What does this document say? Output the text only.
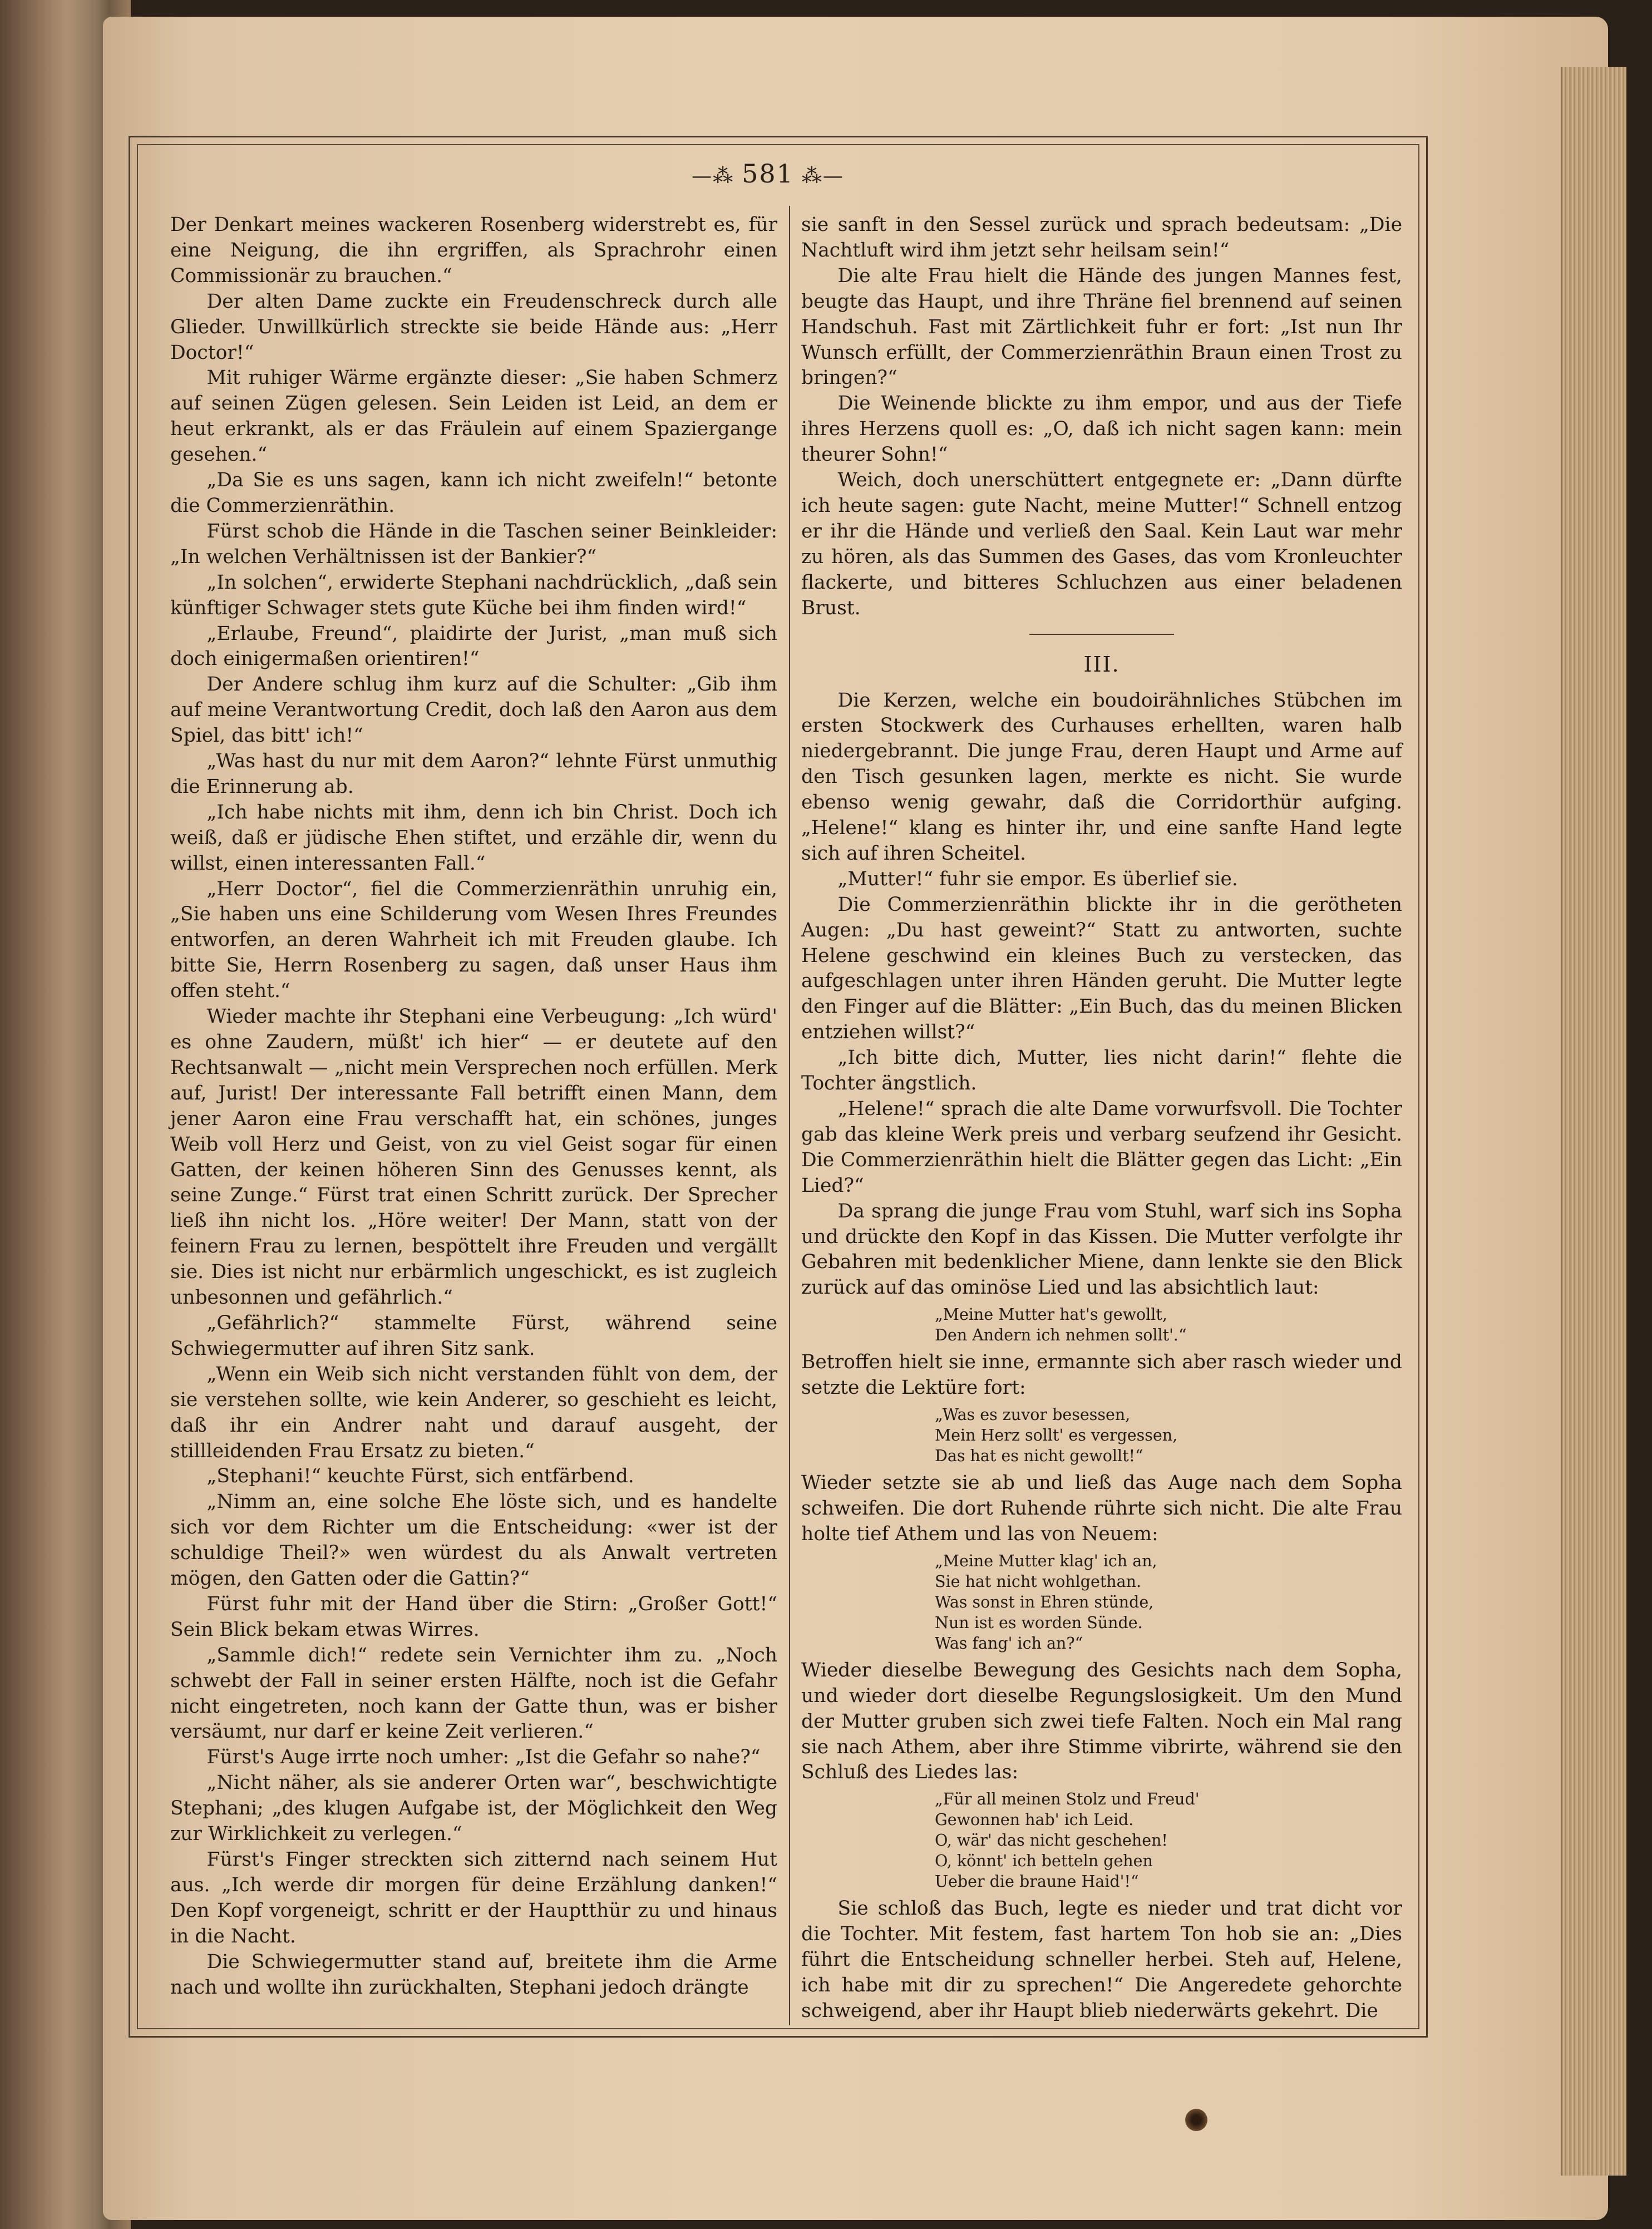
—⁂ 581 ⁂—

Der Denkart meines wackeren Rosenberg widerstrebt es, für eine Neigung, die ihn ergriffen, als Sprachrohr einen Commissionär zu brauchen.“

Der alten Dame zuckte ein Freudenschreck durch alle Glieder. Unwillkürlich streckte sie beide Hände aus: „Herr Doctor!“

Mit ruhiger Wärme ergänzte dieser: „Sie haben Schmerz auf seinen Zügen gelesen. Sein Leiden ist Leid, an dem er heut erkrankt, als er das Fräulein auf einem Spaziergange gesehen.“

„Da Sie es uns sagen, kann ich nicht zweifeln!“ betonte die Commerzienräthin.

Fürst schob die Hände in die Taschen seiner Beinkleider: „In welchen Verhältnissen ist der Bankier?“

„In solchen“, erwiderte Stephani nachdrücklich, „daß sein künftiger Schwager stets gute Küche bei ihm finden wird!“

„Erlaube, Freund“, plaidirte der Jurist, „man muß sich doch einigermaßen orientiren!“

Der Andere schlug ihm kurz auf die Schulter: „Gib ihm auf meine Verantwortung Credit, doch laß den Aaron aus dem Spiel, das bitt' ich!“

„Was hast du nur mit dem Aaron?“ lehnte Fürst unmuthig die Erinnerung ab.

„Ich habe nichts mit ihm, denn ich bin Christ. Doch ich weiß, daß er jüdische Ehen stiftet, und erzähle dir, wenn du willst, einen interessanten Fall.“

„Herr Doctor“, fiel die Commerzienräthin unruhig ein, „Sie haben uns eine Schilderung vom Wesen Ihres Freundes entworfen, an deren Wahrheit ich mit Freuden glaube. Ich bitte Sie, Herrn Rosenberg zu sagen, daß unser Haus ihm offen steht.“

Wieder machte ihr Stephani eine Verbeugung: „Ich würd' es ohne Zaudern, müßt' ich hier“ — er deutete auf den Rechtsanwalt — „nicht mein Versprechen noch erfüllen. Merk auf, Jurist! Der interessante Fall betrifft einen Mann, dem jener Aaron eine Frau verschafft hat, ein schönes, junges Weib voll Herz und Geist, von zu viel Geist sogar für einen Gatten, der keinen höheren Sinn des Genusses kennt, als seine Zunge.“ Fürst trat einen Schritt zurück. Der Sprecher ließ ihn nicht los. „Höre weiter! Der Mann, statt von der feinern Frau zu lernen, bespöttelt ihre Freuden und vergällt sie. Dies ist nicht nur erbärmlich ungeschickt, es ist zugleich unbesonnen und gefährlich.“

„Gefährlich?“ stammelte Fürst, während seine Schwiegermutter auf ihren Sitz sank.

„Wenn ein Weib sich nicht verstanden fühlt von dem, der sie verstehen sollte, wie kein Anderer, so geschieht es leicht, daß ihr ein Andrer naht und darauf ausgeht, der stillleidenden Frau Ersatz zu bieten.“

„Stephani!“ keuchte Fürst, sich entfärbend.

„Nimm an, eine solche Ehe löste sich, und es handelte sich vor dem Richter um die Entscheidung: «wer ist der schuldige Theil?» wen würdest du als Anwalt vertreten mögen, den Gatten oder die Gattin?“

Fürst fuhr mit der Hand über die Stirn: „Großer Gott!“ Sein Blick bekam etwas Wirres.

„Sammle dich!“ redete sein Vernichter ihm zu. „Noch schwebt der Fall in seiner ersten Hälfte, noch ist die Gefahr nicht eingetreten, noch kann der Gatte thun, was er bisher versäumt, nur darf er keine Zeit verlieren.“

Fürst's Auge irrte noch umher: „Ist die Gefahr so nahe?“

„Nicht näher, als sie anderer Orten war“, beschwichtigte Stephani; „des klugen Aufgabe ist, der Möglichkeit den Weg zur Wirklichkeit zu verlegen.“

Fürst's Finger streckten sich zitternd nach seinem Hut aus. „Ich werde dir morgen für deine Erzählung danken!“ Den Kopf vorgeneigt, schritt er der Hauptthür zu und hinaus in die Nacht.

Die Schwiegermutter stand auf, breitete ihm die Arme nach und wollte ihn zurückhalten, Stephani jedoch drängte

sie sanft in den Sessel zurück und sprach bedeutsam: „Die Nachtluft wird ihm jetzt sehr heilsam sein!“

Die alte Frau hielt die Hände des jungen Mannes fest, beugte das Haupt, und ihre Thräne fiel brennend auf seinen Handschuh. Fast mit Zärtlichkeit fuhr er fort: „Ist nun Ihr Wunsch erfüllt, der Commerzienräthin Braun einen Trost zu bringen?“

Die Weinende blickte zu ihm empor, und aus der Tiefe ihres Herzens quoll es: „O, daß ich nicht sagen kann: mein theurer Sohn!“

Weich, doch unerschüttert entgegnete er: „Dann dürfte ich heute sagen: gute Nacht, meine Mutter!“ Schnell entzog er ihr die Hände und verließ den Saal. Kein Laut war mehr zu hören, als das Summen des Gases, das vom Kronleuchter flackerte, und bitteres Schluchzen aus einer beladenen Brust.

III.

Die Kerzen, welche ein boudoirähnliches Stübchen im ersten Stockwerk des Curhauses erhellten, waren halb niedergebrannt. Die junge Frau, deren Haupt und Arme auf den Tisch gesunken lagen, merkte es nicht. Sie wurde ebenso wenig gewahr, daß die Corridorthür aufging. „Helene!“ klang es hinter ihr, und eine sanfte Hand legte sich auf ihren Scheitel.

„Mutter!“ fuhr sie empor. Es überlief sie.

Die Commerzienräthin blickte ihr in die gerötheten Augen: „Du hast geweint?“ Statt zu antworten, suchte Helene geschwind ein kleines Buch zu verstecken, das aufgeschlagen unter ihren Händen geruht. Die Mutter legte den Finger auf die Blätter: „Ein Buch, das du meinen Blicken entziehen willst?“

„Ich bitte dich, Mutter, lies nicht darin!“ flehte die Tochter ängstlich.

„Helene!“ sprach die alte Dame vorwurfsvoll. Die Tochter gab das kleine Werk preis und verbarg seufzend ihr Gesicht. Die Commerzienräthin hielt die Blätter gegen das Licht: „Ein Lied?“

Da sprang die junge Frau vom Stuhl, warf sich ins Sopha und drückte den Kopf in das Kissen. Die Mutter verfolgte ihr Gebahren mit bedenklicher Miene, dann lenkte sie den Blick zurück auf das ominöse Lied und las absichtlich laut:

„Meine Mutter hat's gewollt,
Den Andern ich nehmen sollt'.“

Betroffen hielt sie inne, ermannte sich aber rasch wieder und setzte die Lektüre fort:

„Was es zuvor besessen,
Mein Herz sollt' es vergessen,
Das hat es nicht gewollt!“

Wieder setzte sie ab und ließ das Auge nach dem Sopha schweifen. Die dort Ruhende rührte sich nicht. Die alte Frau holte tief Athem und las von Neuem:

„Meine Mutter klag' ich an,
Sie hat nicht wohlgethan.
Was sonst in Ehren stünde,
Nun ist es worden Sünde.
Was fang' ich an?“

Wieder dieselbe Bewegung des Gesichts nach dem Sopha, und wieder dort dieselbe Regungslosigkeit. Um den Mund der Mutter gruben sich zwei tiefe Falten. Noch ein Mal rang sie nach Athem, aber ihre Stimme vibrirte, während sie den Schluß des Liedes las:

„Für all meinen Stolz und Freud'
Gewonnen hab' ich Leid.
O, wär' das nicht geschehen!
O, könnt' ich betteln gehen
Ueber die braune Haid'!“

Sie schloß das Buch, legte es nieder und trat dicht vor die Tochter. Mit festem, fast hartem Ton hob sie an: „Dies führt die Entscheidung schneller herbei. Steh auf, Helene, ich habe mit dir zu sprechen!“ Die Angeredete gehorchte schweigend, aber ihr Haupt blieb niederwärts gekehrt. Die
